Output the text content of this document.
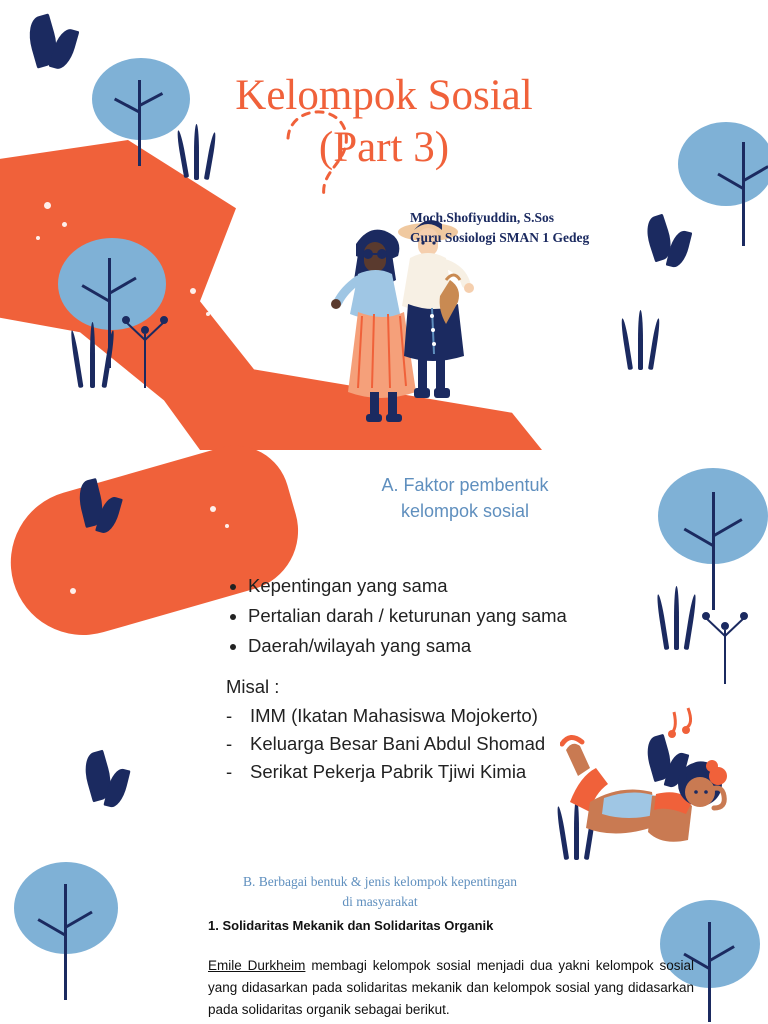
Kelompok Sosial
(Part 3)
Moch.Shofiyuddin, S.Sos
Guru Sosiologi SMAN 1 Gedeg
A. Faktor pembentuk
kelompok sosial
• Kepentingan yang sama
• Pertalian darah / keturunan yang sama
• Daerah/wilayah yang sama
Misal :
- IMM (Ikatan Mahasiswa Mojokerto)
- Keluarga Besar Bani Abdul Shomad
- Serikat Pekerja Pabrik Tjiwi Kimia
B. Berbagai bentuk & jenis kelompok kepentingan
di masyarakat
1. Solidaritas Mekanik dan Solidaritas Organik
Emile Durkheim membagi kelompok sosial menjadi dua yakni kelompok sosial yang didasarkan pada solidaritas mekanik dan kelompok sosial yang didasarkan pada solidaritas organik sebagai berikut.
